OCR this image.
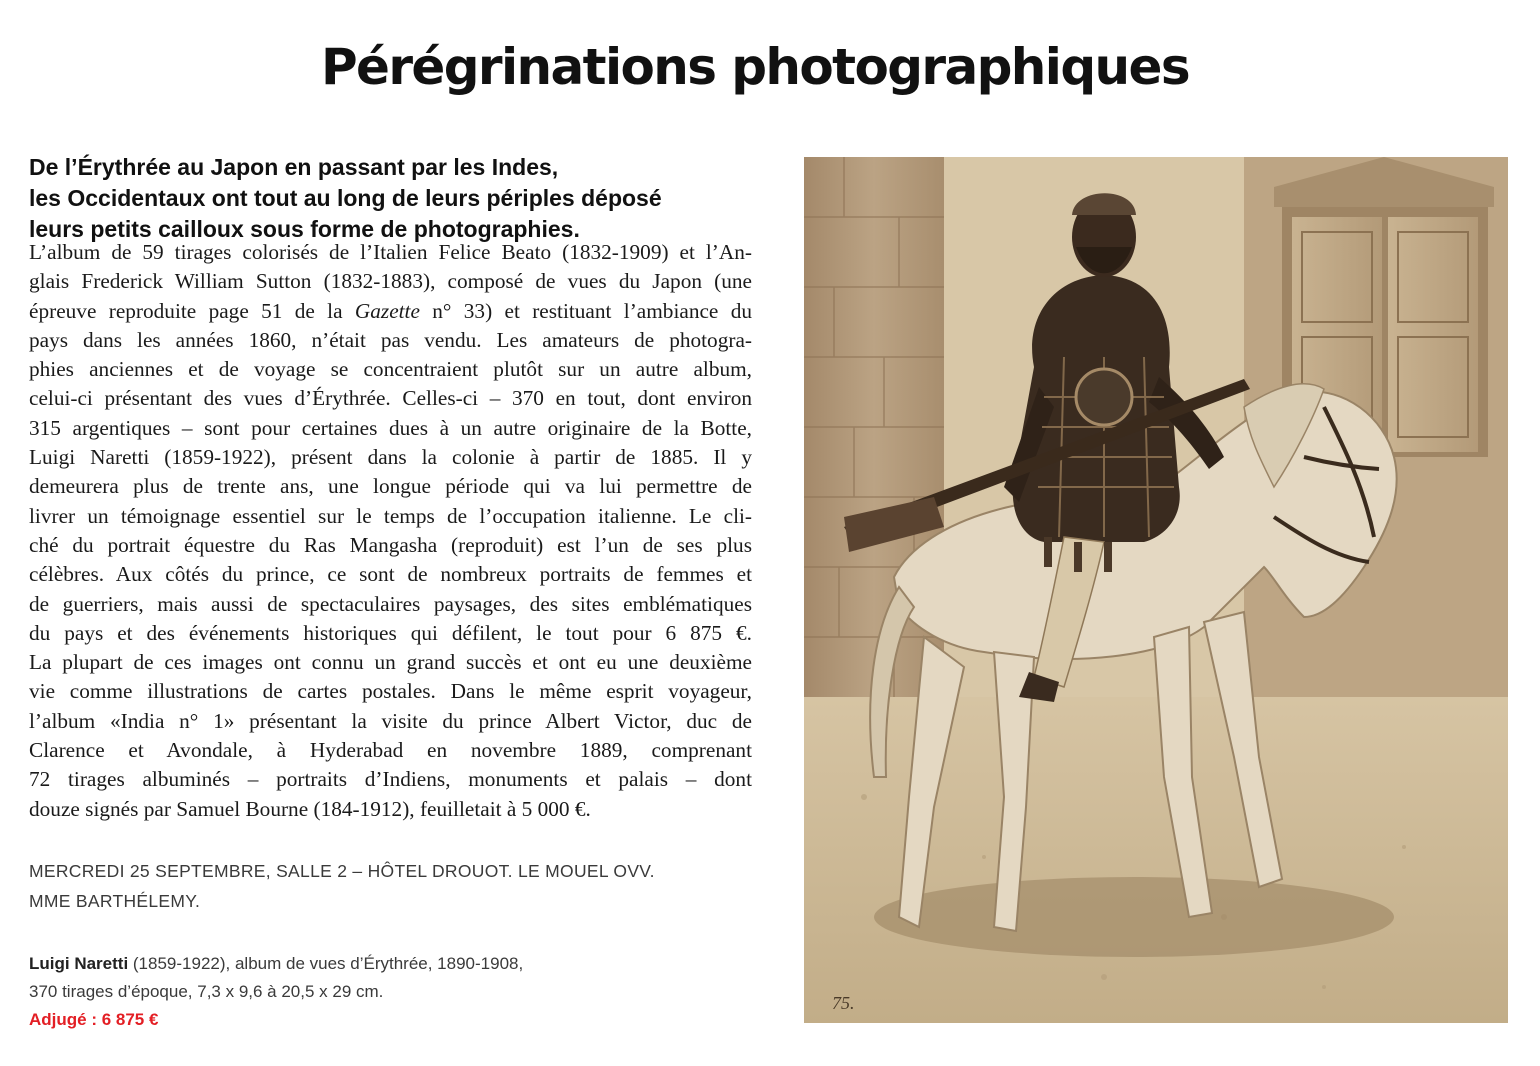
Pérégrinations photographiques
De l’Érythrée au Japon en passant par les Indes,
les Occidentaux ont tout au long de leurs périples déposé
leurs petits cailloux sous forme de photographies.
L’album de 59 tirages colorisés de l’Italien Felice Beato (1832-1909) et l’An-
glais Frederick William Sutton (1832-1883), composé de vues du Japon (une
épreuve reproduite page 51 de la Gazette n° 33) et restituant l’ambiance du
pays dans les années 1860, n’était pas vendu. Les amateurs de photogra-
phies anciennes et de voyage se concentraient plutôt sur un autre album,
celui-ci présentant des vues d’Érythrée. Celles-ci – 370 en tout, dont environ
315 argentiques – sont pour certaines dues à un autre originaire de la Botte,
Luigi Naretti (1859-1922), présent dans la colonie à partir de 1885. Il y
demeurera plus de trente ans, une longue période qui va lui permettre de
livrer un témoignage essentiel sur le temps de l’occupation italienne. Le cli-
ché du portrait équestre du Ras Mangasha (reproduit) est l’un de ses plus
célèbres. Aux côtés du prince, ce sont de nombreux portraits de femmes et
de guerriers, mais aussi de spectaculaires paysages, des sites emblématiques
du pays et des événements historiques qui défilent, le tout pour 6 875 €.
La plupart de ces images ont connu un grand succès et ont eu une deuxième
vie comme illustrations de cartes postales. Dans le même esprit voyageur,
l’album «India n° 1» présentant la visite du prince Albert Victor, duc de
Clarence et Avondale, à Hyderabad en novembre 1889, comprenant
72 tirages albuminés – portraits d’Indiens, monuments et palais – dont
douze signés par Samuel Bourne (184-1912), feuilletait à 5 000 €.
MERCREDI 25 SEPTEMBRE, SALLE 2 – HÔTEL DROUOT. LE MOUEL OVV.
MME BARTHÉLEMY.
Luigi Naretti (1859-1922), album de vues d’Érythrée, 1890-1908,
370 tirages d’époque, 7,3 x 9,6 à 20,5 x 29 cm.
Adjugé : 6 875 €
75.
